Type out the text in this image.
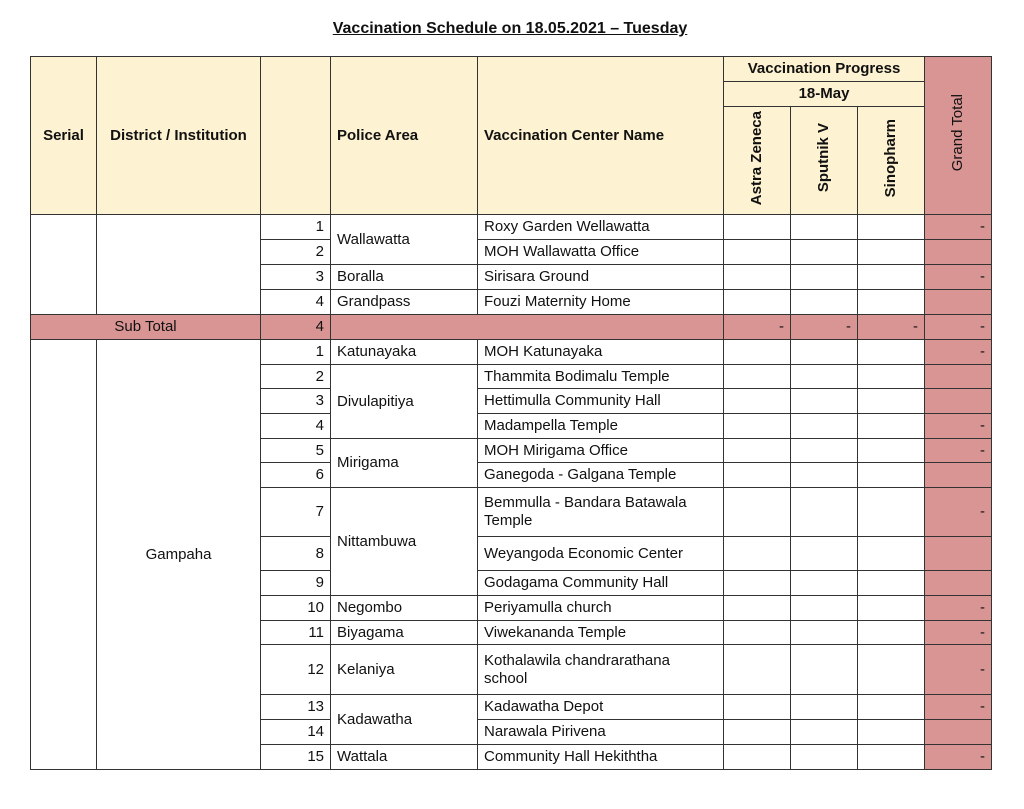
Vaccination Schedule on 18.05.2021 – Tuesday
Serial	District / Institution		Police Area	Vaccination Center Name	Vaccination Progress			Grand Total
					18-May			
					Astra Zeneca	Sputnik V	Sinopharm	
		1	Wallawatta	Roxy Garden Wellawatta				-
		2		MOH Wallawatta Office				
		3	Boralla	Sirisara Ground				-
		4	Grandpass	Fouzi Maternity Home				
Sub Total		4			-	-	-	-
	Gampaha	1	Katunayaka	MOH Katunayaka				-
		2	Divulapitiya	Thammita Bodimalu Temple				
		3		Hettimulla Community Hall				
		4		Madampella Temple				-
		5	Mirigama	MOH Mirigama Office				-
		6		Ganegoda - Galgana Temple				
		7	Nittambuwa	Bemmulla - Bandara Batawala Temple				-
		8		Weyangoda Economic Center				
		9		Godagama Community Hall				
		10	Negombo	Periyamulla church				-
		11	Biyagama	Viwekananda Temple				-
		12	Kelaniya	Kothalawila chandrarathana school				-
		13	Kadawatha	Kadawatha Depot				-
		14		Narawala Pirivena				
		15	Wattala	Community Hall Hekiththa				-
